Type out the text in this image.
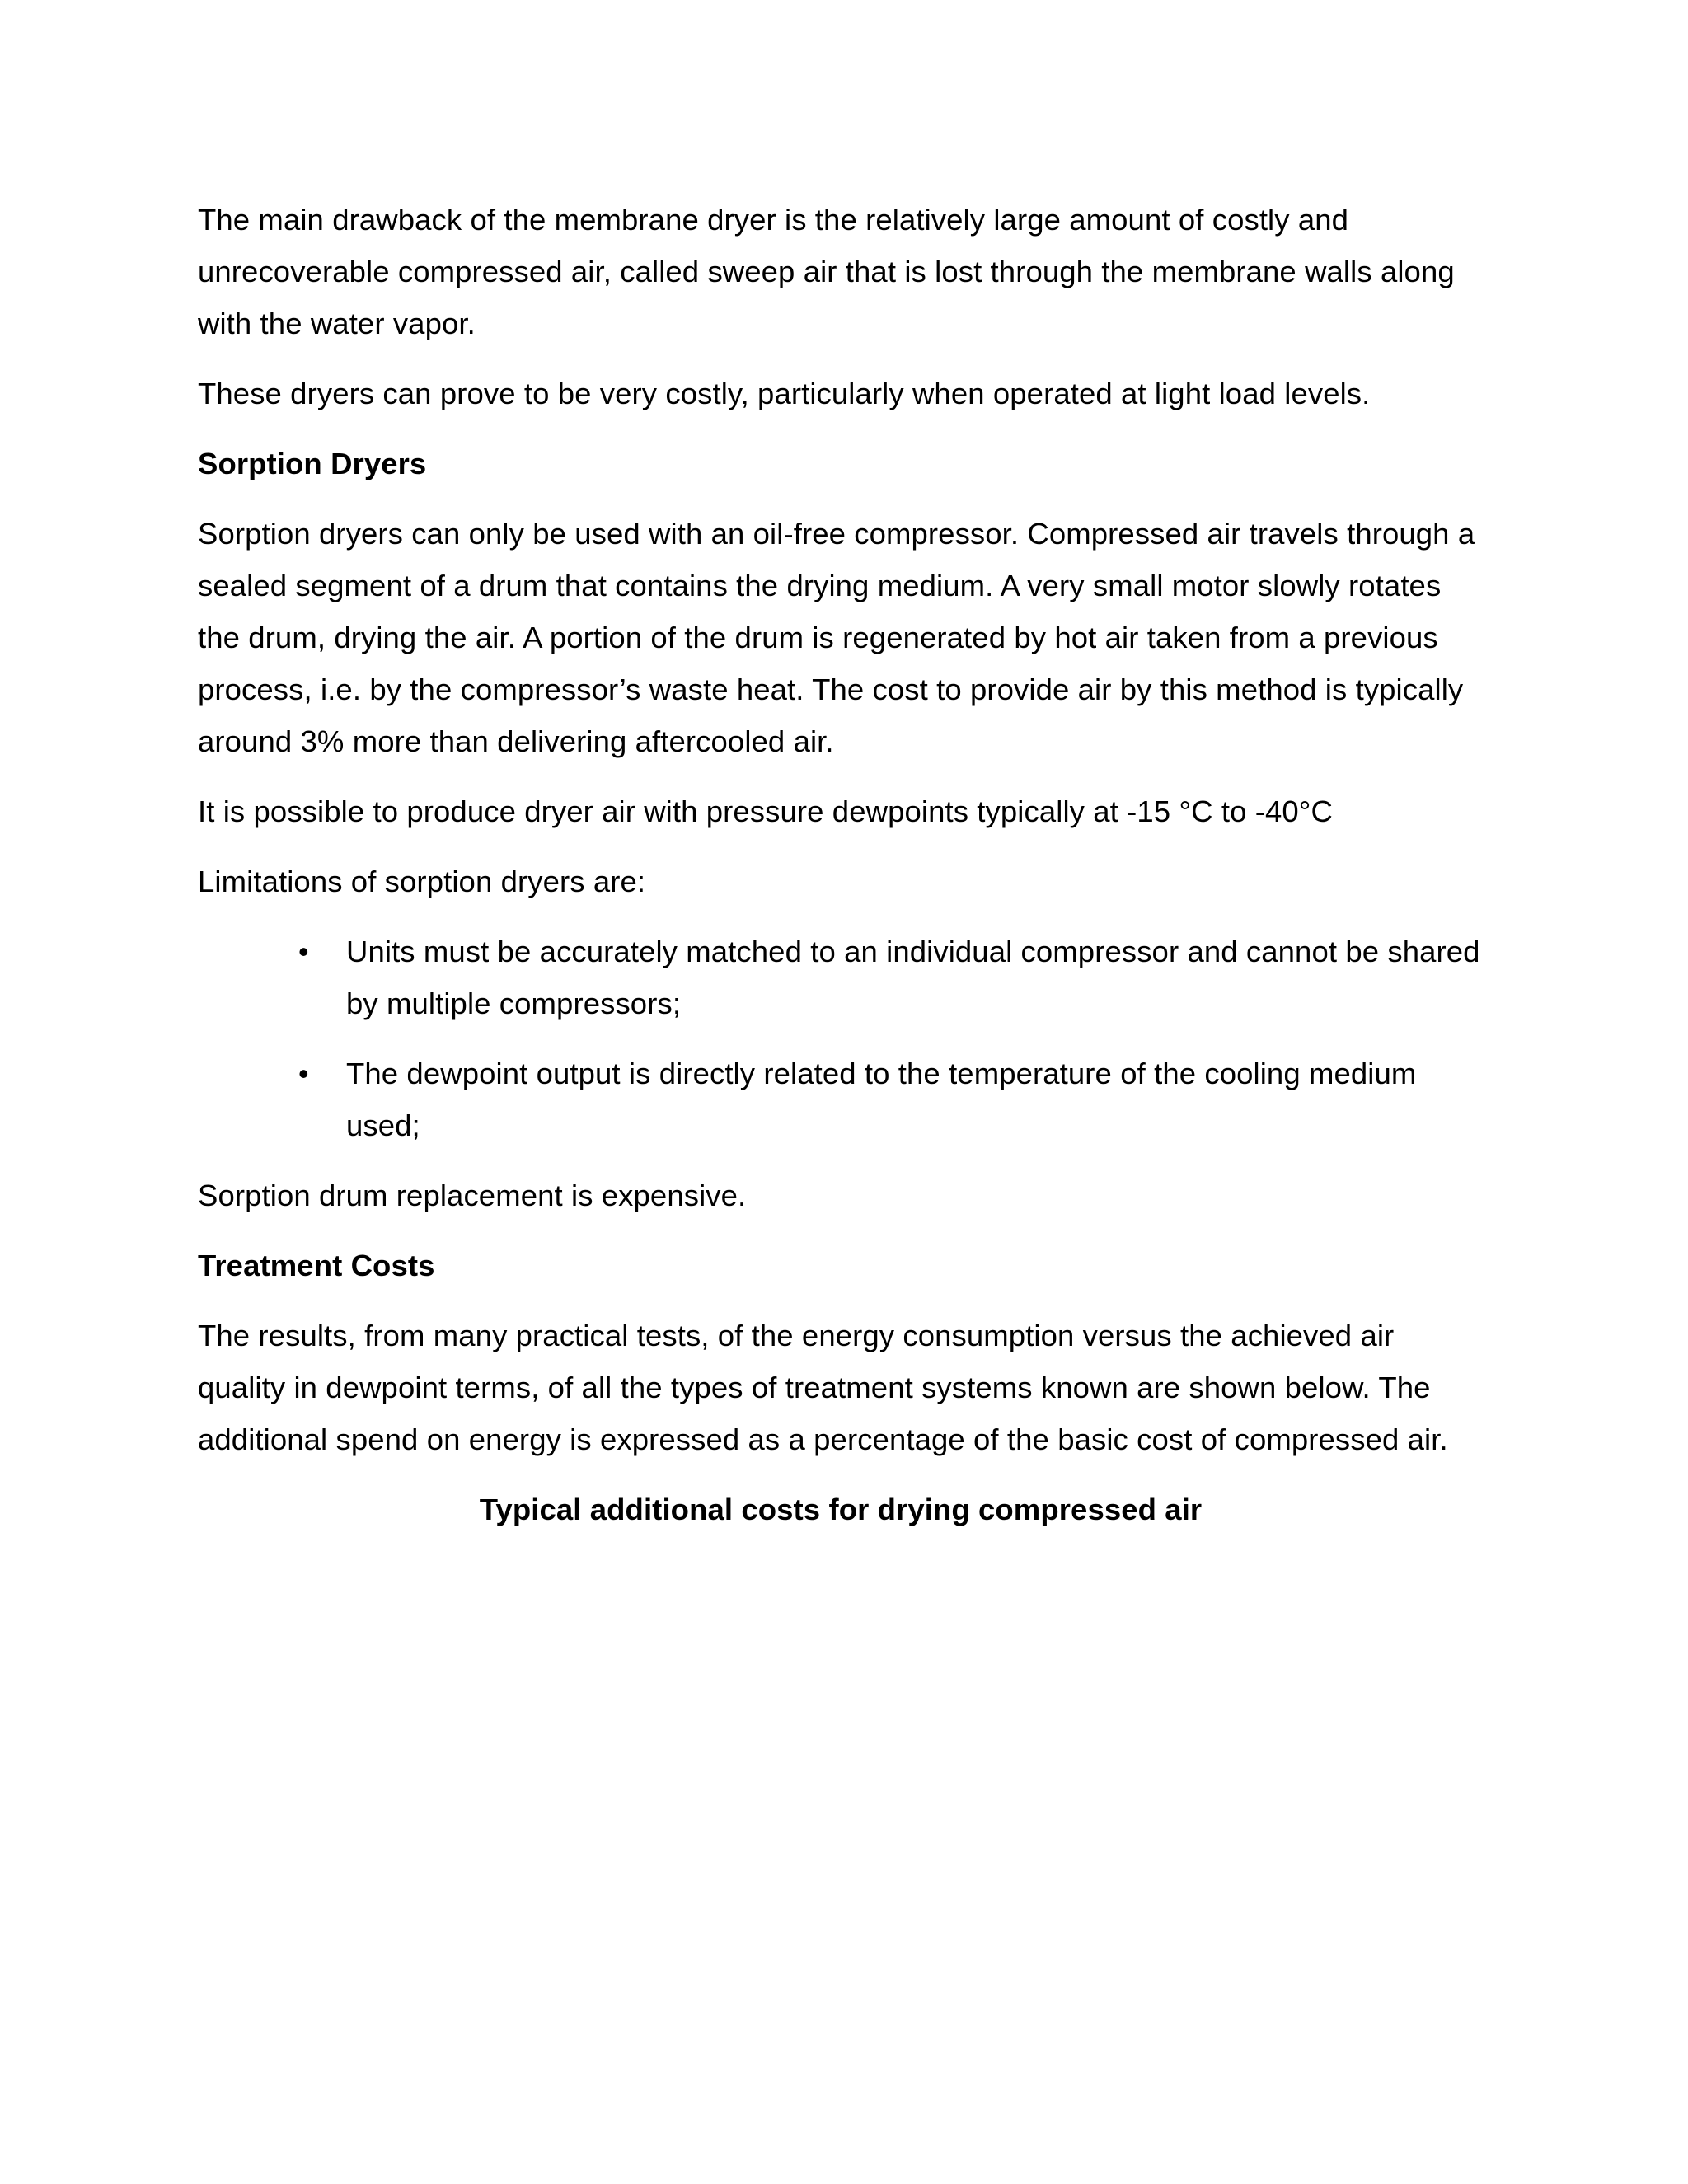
The main drawback of the membrane dryer is the relatively large amount of costly and unrecoverable compressed air, called sweep air that is lost through the membrane walls along with the water vapor.

These dryers can prove to be very costly, particularly when operated at light load levels.

Sorption Dryers

Sorption dryers can only be used with an oil-free compressor. Compressed air travels through a sealed segment of a drum that contains the drying medium. A very small motor slowly rotates the drum, drying the air. A portion of the drum is regenerated by hot air taken from a previous process, i.e. by the compressor’s waste heat. The cost to provide air by this method is typically around 3% more than delivering aftercooled air.

It is possible to produce dryer air with pressure dewpoints typically at -15 °C to -40°C

Limitations of sorption dryers are:

• Units must be accurately matched to an individual compressor and cannot be shared by multiple compressors;
• The dewpoint output is directly related to the temperature of the cooling medium used;

Sorption drum replacement is expensive.

Treatment Costs

The results, from many practical tests, of the energy consumption versus the achieved air quality in dewpoint terms, of all the types of treatment systems known are shown below. The additional spend on energy is expressed as a percentage of the basic cost of compressed air.

Typical additional costs for drying compressed air
